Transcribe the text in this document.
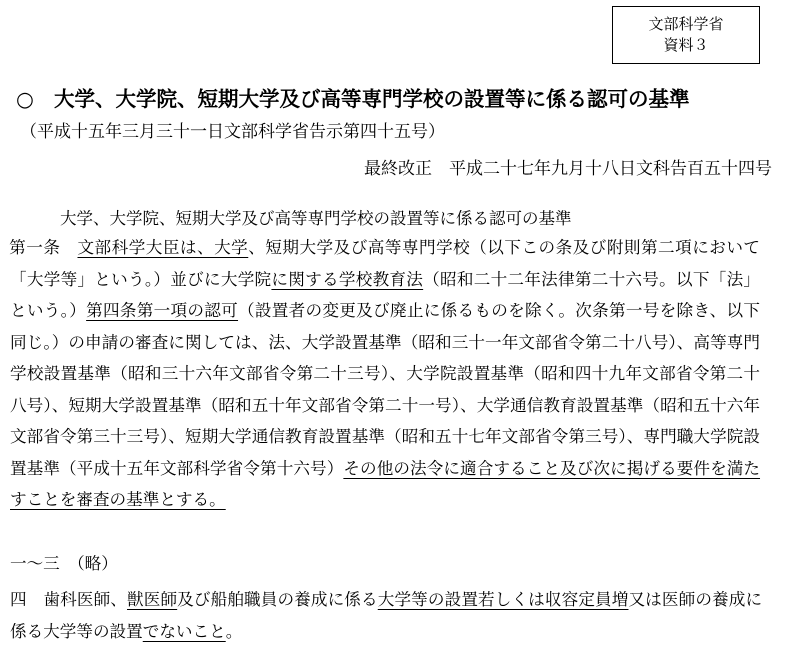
文部科学省
資料３
○ 大学、大学院、短期大学及び高等専門学校の設置等に係る認可の基準
（平成十五年三月三十一日文部科学省告示第四十五号）
最終改正　平成二十七年九月十八日文科告百五十四号
大学、大学院、短期大学及び高等専門学校の設置等に係る認可の基準
第一条　文部科学大臣は、大学、短期大学及び高等専門学校（以下この条及び附則第二項において「大学等」という。）並びに大学院に関する学校教育法（昭和二十二年法律第二十六号。以下「法」という。）第四条第一項の認可（設置者の変更及び廃止に係るものを除く。次条第一号を除き、以下同じ。）の申請の審査に関しては、法、大学設置基準（昭和三十一年文部省令第二十八号）、高等専門学校設置基準（昭和三十六年文部省令第二十三号）、大学院設置基準（昭和四十九年文部省令第二十八号）、短期大学設置基準（昭和五十年文部省令第二十一号）、大学通信教育設置基準（昭和五十六年文部省令第三十三号）、短期大学通信教育設置基準（昭和五十七年文部省令第三号）、専門職大学院設置基準（平成十五年文部科学省令第十六号）その他の法令に適合すること及び次に掲げる要件を満たすことを審査の基準とする。
一～三　（略）
四　歯科医師、獣医師及び船舶職員の養成に係る大学等の設置若しくは収容定員増又は医師の養成に係る大学等の設置でないこと。
